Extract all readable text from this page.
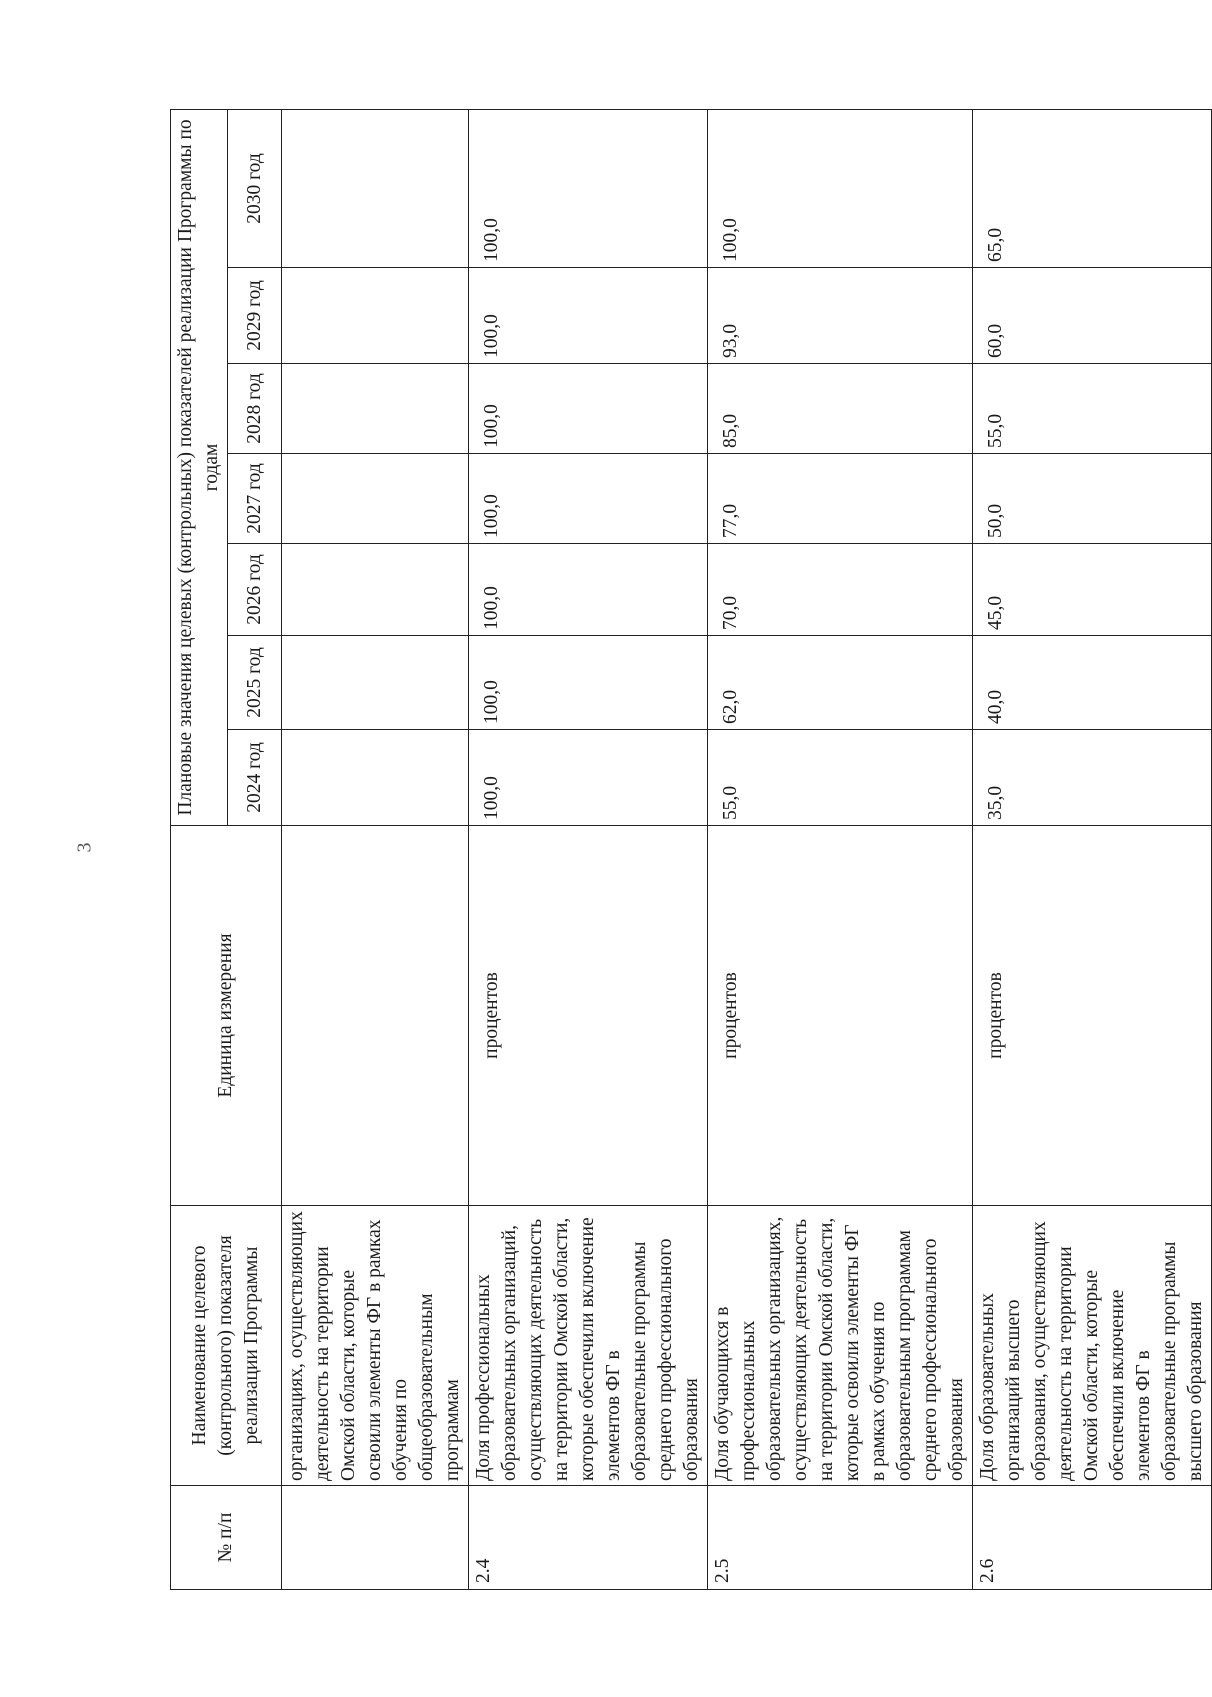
3
№ п/п	Наименование целевого (контрольного) показателя реализации Программы	Единица измерения	Плановые значения целевых (контрольных) показателей реализации Программы по годам						

			2024 год	2025 год	2026 год	2027 год	2028 год	2029 год	2030 год
	организациях, осуществляющих деятельность на территории Омской области, которые освоили элементы ФГ в рамках обучения по общеобразовательным программам								
2.4	Доля профессиональных образовательных организаций, осуществляющих деятельность на территории Омской области, которые обеспечили включение элементов ФГ в образовательные программы среднего профессионального образования	процентов	100,0	100,0	100,0	100,0	100,0	100,0	100,0
2.5	Доля обучающихся в профессиональных образовательных организациях, осуществляющих деятельность на территории Омской области, которые освоили элементы ФГ в рамках обучения по образовательным программам среднего профессионального образования	процентов	55,0	62,0	70,0	77,0	85,0	93,0	100,0
2.6	Доля образовательных организаций высшего образования, осуществляющих деятельность на территории Омской области, которые обеспечили включение элементов ФГ в образовательные программы высшего образования	процентов	35,0	40,0	45,0	50,0	55,0	60,0	65,0
